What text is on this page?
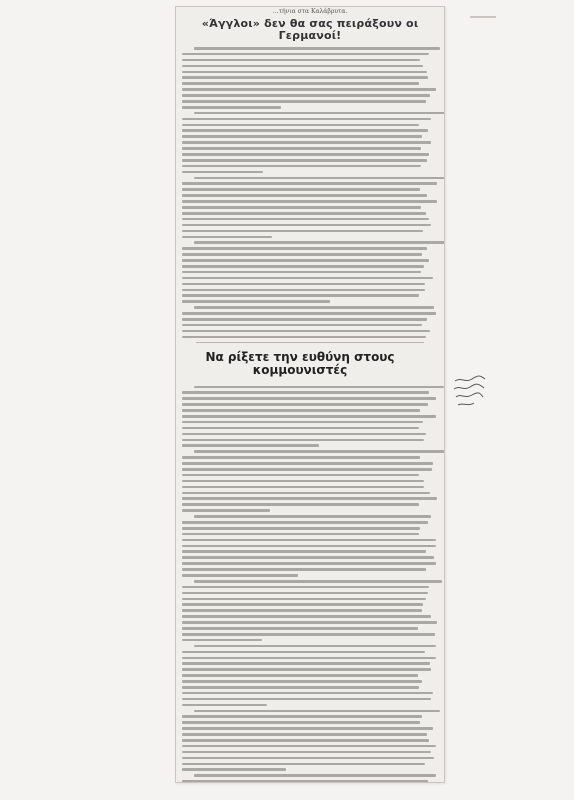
…τήνια στα Καλάβρυτα.
«Άγγλοι» δεν θα σας πειράξουν οι Γερμανοί!
Να ρίξετε την ευθύνη στους κομμουνιστές
